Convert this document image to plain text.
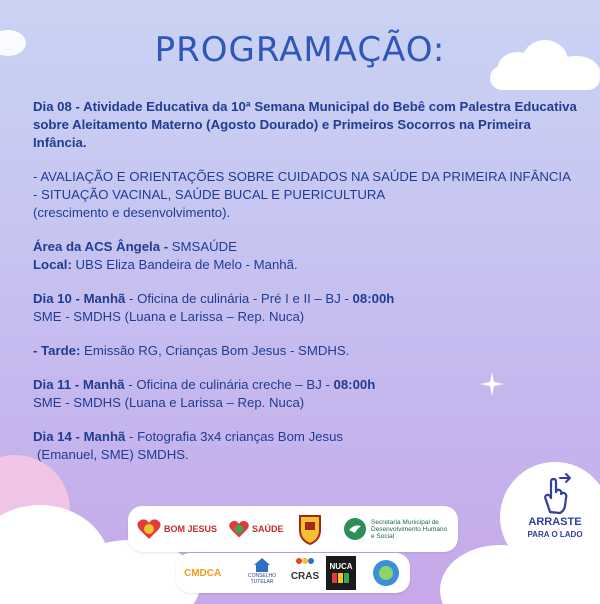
PROGRAMAÇÃO:

Dia 08 - Atividade Educativa da 10ª Semana Municipal do Bebê com Palestra Educativa sobre Aleitamento Materno (Agosto Dourado) e Primeiros Socorros na Primeira Infância.

- AVALIAÇÃO E ORIENTAÇÕES SOBRE CUIDADOS NA SAÚDE DA PRIMEIRA INFÂNCIA - SITUAÇÃO VACINAL, SAÚDE BUCAL E PUERICULTURA
(crescimento e desenvolvimento).

Área da ACS Ângela - SMSAÚDE
Local: UBS Eliza Bandeira de Melo - Manhã.

Dia 10 - Manhã - Oficina de culinária - Pré I e II – BJ - 08:00h
SME - SMDHS (Luana e Larissa – Rep. Nuca)

- Tarde: Emissão RG, Crianças Bom Jesus - SMDHS.

Dia 11 - Manhã - Oficina de culinária creche – BJ - 08:00h
SME - SMDHS (Luana e Larissa – Rep. Nuca)

Dia 14 - Manhã - Fotografia 3x4 crianças Bom Jesus
(Emanuel, SME) SMDHS.

ARRASTE
PARA O LADO
BOM JESUS	SAÚDE
Secretaria Municipal de Desenvolvimento Humano e Social
CMDCA	CONSELHO TUTELAR	CRAS
NUCA
